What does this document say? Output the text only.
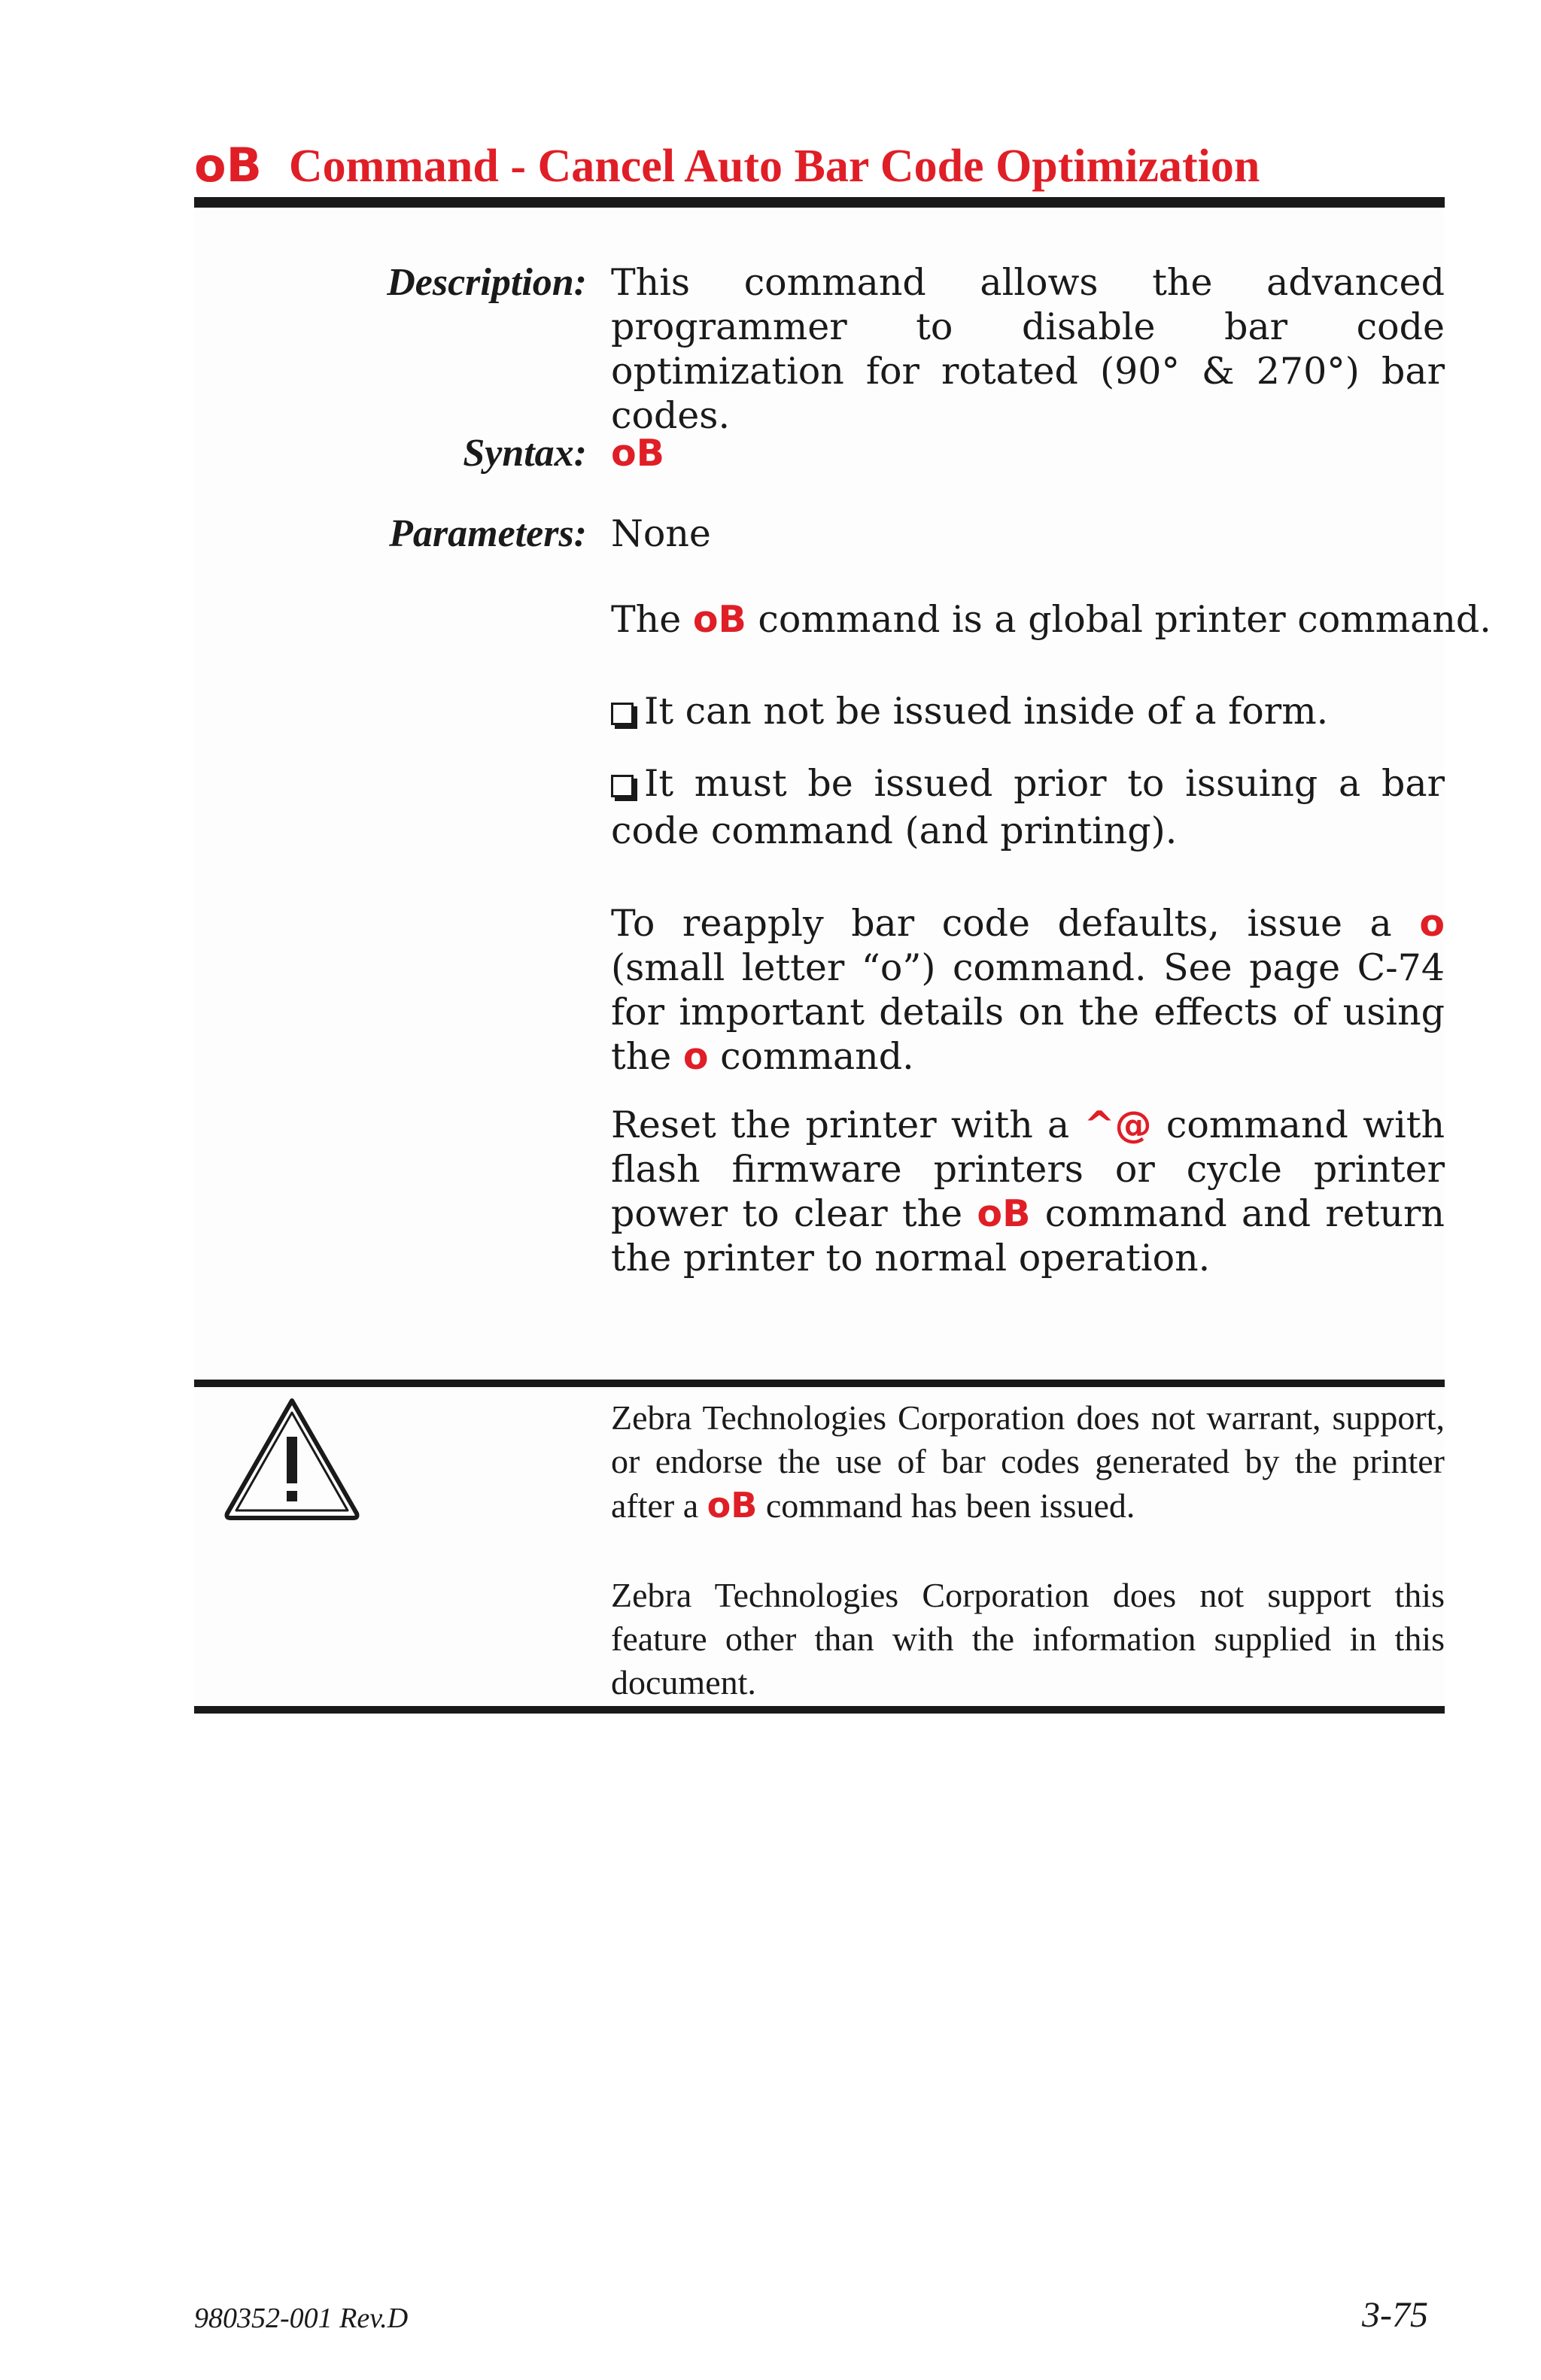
oB Command - Cancel Auto Bar Code Optimization
Description: This command allows the advanced programmer to disable bar code optimization for rotated (90° & 270°) bar codes.
Syntax: oB
Parameters: None
The oB command is a global printer command.
It can not be issued inside of a form.
It must be issued prior to issuing a bar code command (and printing).
To reapply bar code defaults, issue a o (small letter “o”) command. See page C-74 for important details on the effects of using the o command.
Reset the printer with a ^@ command with flash firmware printers or cycle printer power to clear the oB command and return the printer to normal operation.
Zebra Technologies Corporation does not warrant, support, or endorse the use of bar codes generated by the printer after a oB command has been issued.
Zebra Technologies Corporation does not support this feature other than with the information supplied in this document.
980352-001 Rev.D	3-75
